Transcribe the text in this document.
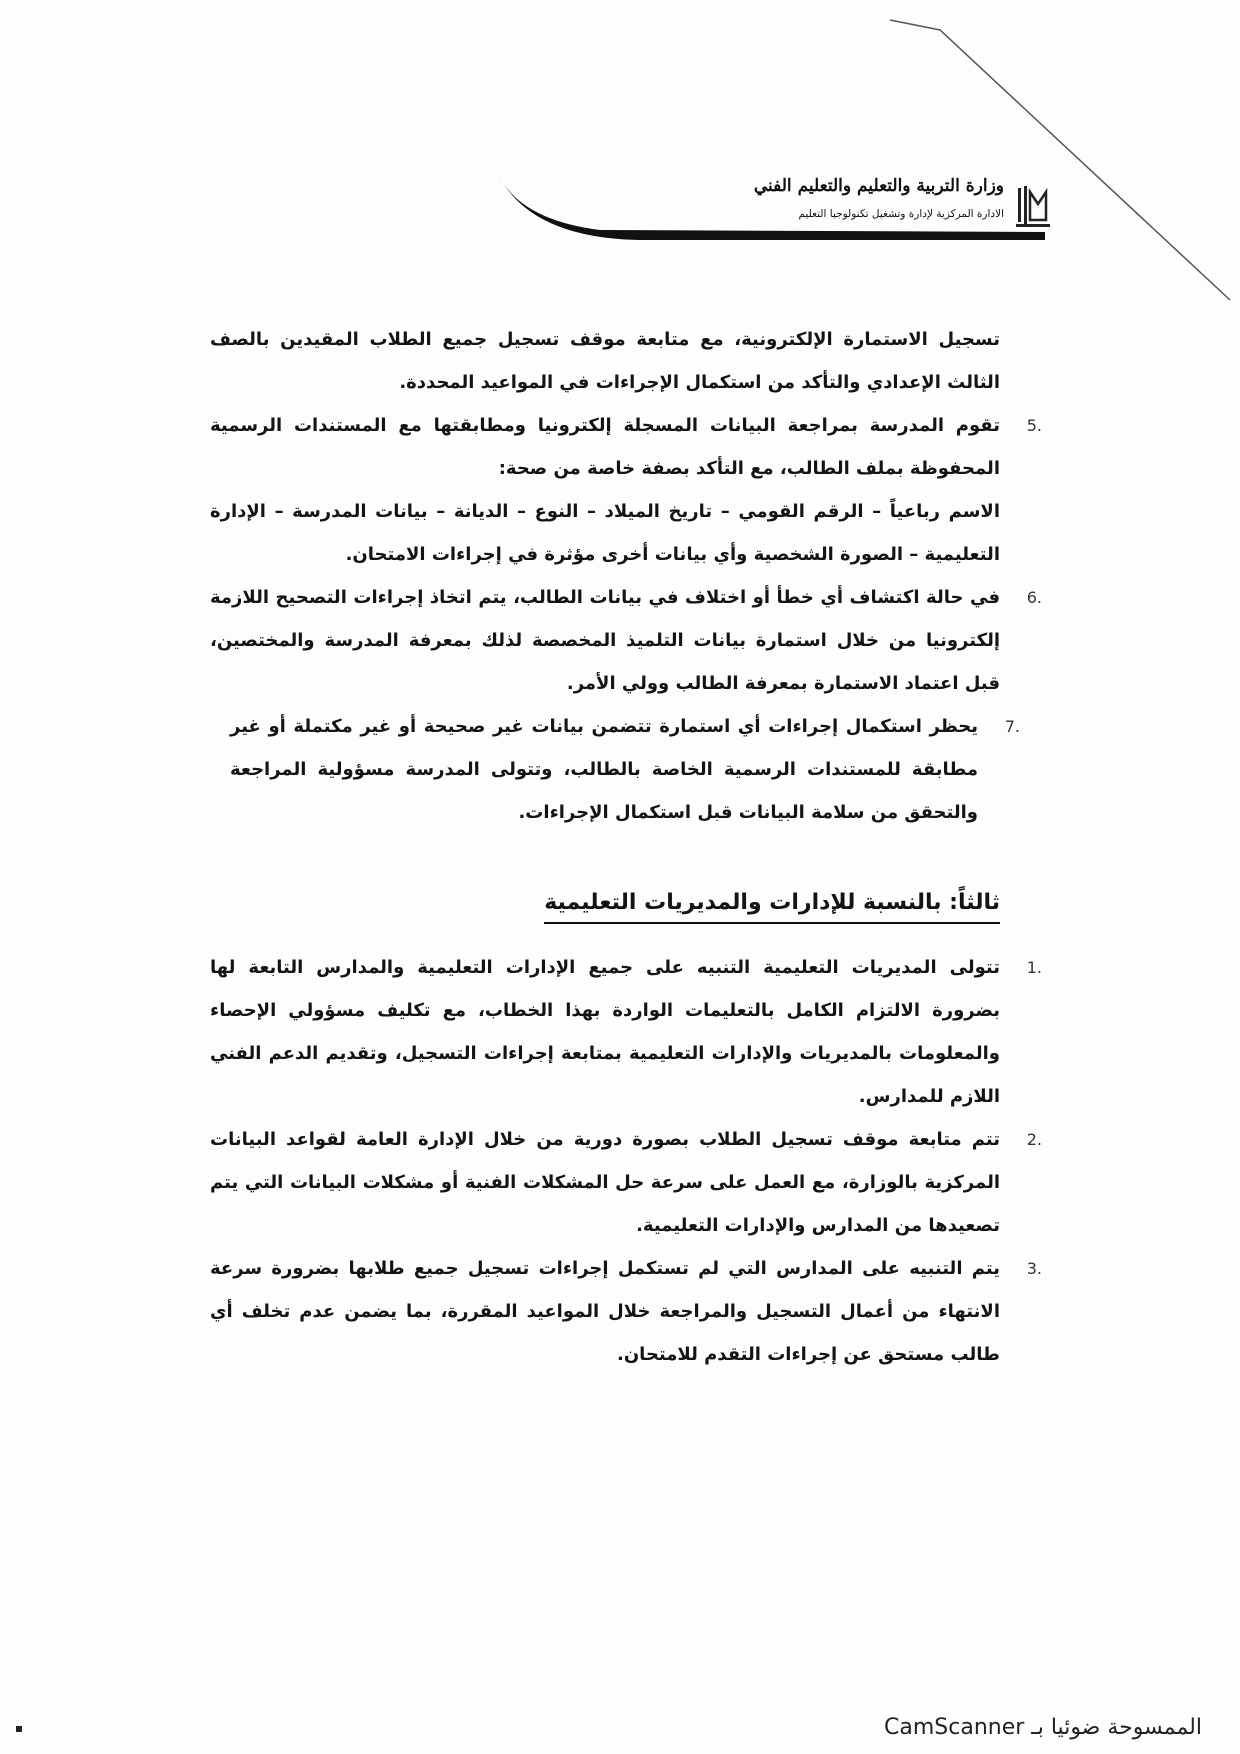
وزارة التربية والتعليم والتعليم الفني
الادارة المركزية لإدارة وتشغيل تكنولوجيا التعليم

تسجيل الاستمارة الإلكترونية، مع متابعة موقف تسجيل جميع الطلاب المقيدين بالصف الثالث الإعدادي والتأكد من استكمال الإجراءات في المواعيد المحددة.

5.

تقوم المدرسة بمراجعة البيانات المسجلة إلكترونيا ومطابقتها مع المستندات الرسمية المحفوظة بملف الطالب، مع التأكد بصفة خاصة من صحة:

الاسم رباعياً – الرقم القومي – تاريخ الميلاد – النوع – الديانة – بيانات المدرسة – الإدارة التعليمية – الصورة الشخصية وأي بيانات أخرى مؤثرة في إجراءات الامتحان.

6.

في حالة اكتشاف أي خطأ أو اختلاف في بيانات الطالب، يتم اتخاذ إجراءات التصحيح اللازمة إلكترونيا من خلال استمارة بيانات التلميذ المخصصة لذلك بمعرفة المدرسة والمختصين، قبل اعتماد الاستمارة بمعرفة الطالب وولي الأمر.

7.

يحظر استكمال إجراءات أي استمارة تتضمن بيانات غير صحيحة أو غير مكتملة أو غير مطابقة للمستندات الرسمية الخاصة بالطالب، وتتولى المدرسة مسؤولية المراجعة والتحقق من سلامة البيانات قبل استكمال الإجراءات.

ثالثاً: بالنسبة للإدارات والمديريات التعليمية
1.

تتولى المديريات التعليمية التنبيه على جميع الإدارات التعليمية والمدارس التابعة لها بضرورة الالتزام الكامل بالتعليمات الواردة بهذا الخطاب، مع تكليف مسؤولي الإحصاء والمعلومات بالمديريات والإدارات التعليمية بمتابعة إجراءات التسجيل، وتقديم الدعم الفني اللازم للمدارس.

2.

تتم متابعة موقف تسجيل الطلاب بصورة دورية من خلال الإدارة العامة لقواعد البيانات المركزية بالوزارة، مع العمل على سرعة حل المشكلات الفنية أو مشكلات البيانات التي يتم تصعيدها من المدارس والإدارات التعليمية.

3.

يتم التنبيه على المدارس التي لم تستكمل إجراءات تسجيل جميع طلابها بضرورة سرعة الانتهاء من أعمال التسجيل والمراجعة خلال المواعيد المقررة، بما يضمن عدم تخلف أي طالب مستحق عن إجراءات التقدم للامتحان.

الممسوحة ضوئيا بـ CamScanner
